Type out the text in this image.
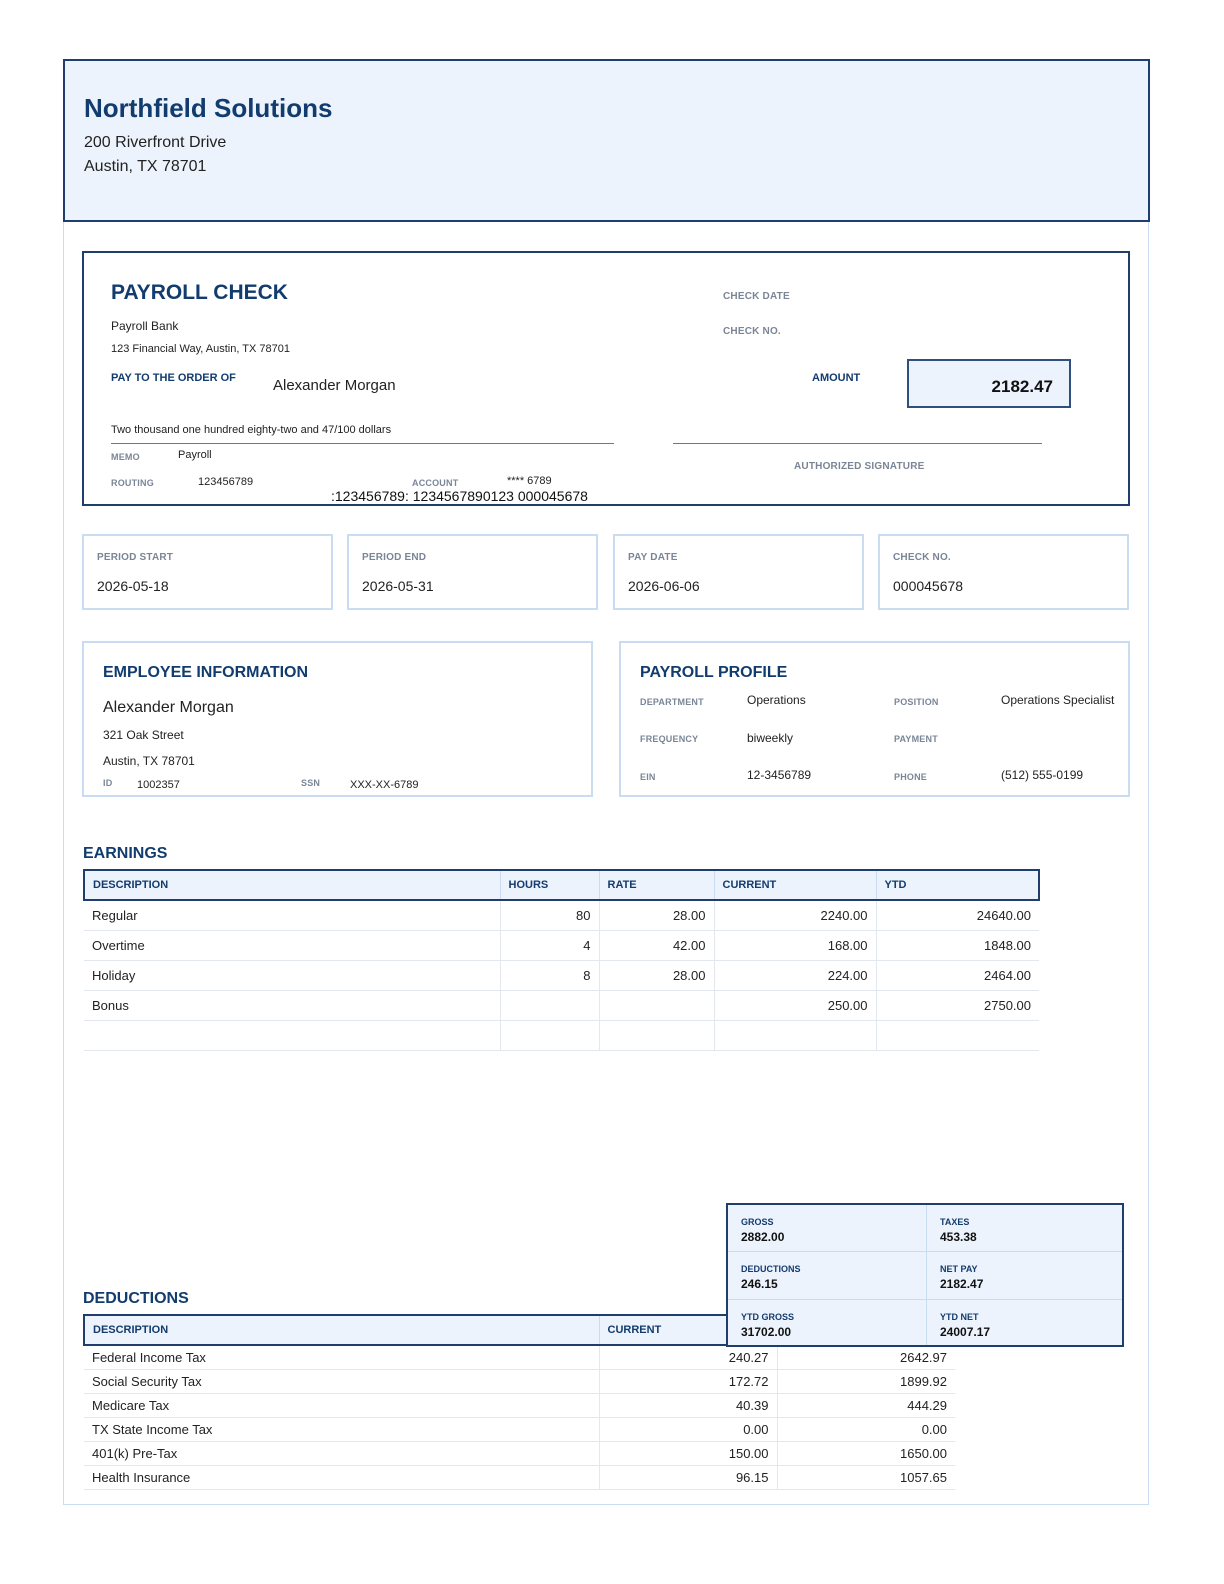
Northfield Solutions
200 Riverfront Drive
Austin, TX 78701
PAYROLL CHECK
Payroll Bank
123 Financial Way, Austin, TX 78701
CHECK DATE
CHECK NO.
PAY TO THE ORDER OF Alexander Morgan	AMOUNT	2182.47
Two thousand one hundred eighty-two and 47/100 dollars
AUTHORIZED SIGNATURE
MEMO	Payroll
ROUTING	123456789	ACCOUNT	**** 6789
:123456789: 1234567890123 000045678
PERIOD START
2026-05-18
PERIOD END
2026-05-31
PAY DATE
2026-06-06
CHECK NO.
000045678
EMPLOYEE INFORMATION
Alexander Morgan
321 Oak Street
Austin, TX 78701
ID 1002357	SSN	XXX-XX-6789
PAYROLL PROFILE
DEPARTMENT	Operations	POSITION	Operations Specialist
FREQUENCY	biweekly	PAYMENT
EIN	12-3456789	PHONE	(512) 555-0199
EARNINGS
DESCRIPTION	HOURS	RATE	CURRENT	YTD
Regular	80	28.00	2240.00	24640.00
Overtime	4	42.00	168.00	1848.00
Holiday	8	28.00	224.00	2464.00
Bonus			250.00	2750.00

DEDUCTIONS
DESCRIPTION	CURRENT	
Federal Income Tax	240.27	2642.97
Social Security Tax	172.72	1899.92
Medicare Tax	40.39	444.29
TX State Income Tax	0.00	0.00
401(k) Pre-Tax	150.00	1650.00
Health Insurance	96.15	1057.65
GROSS
2882.00
TAXES
453.38
DEDUCTIONS
246.15
NET PAY
2182.47
YTD GROSS
31702.00
YTD NET
24007.17
